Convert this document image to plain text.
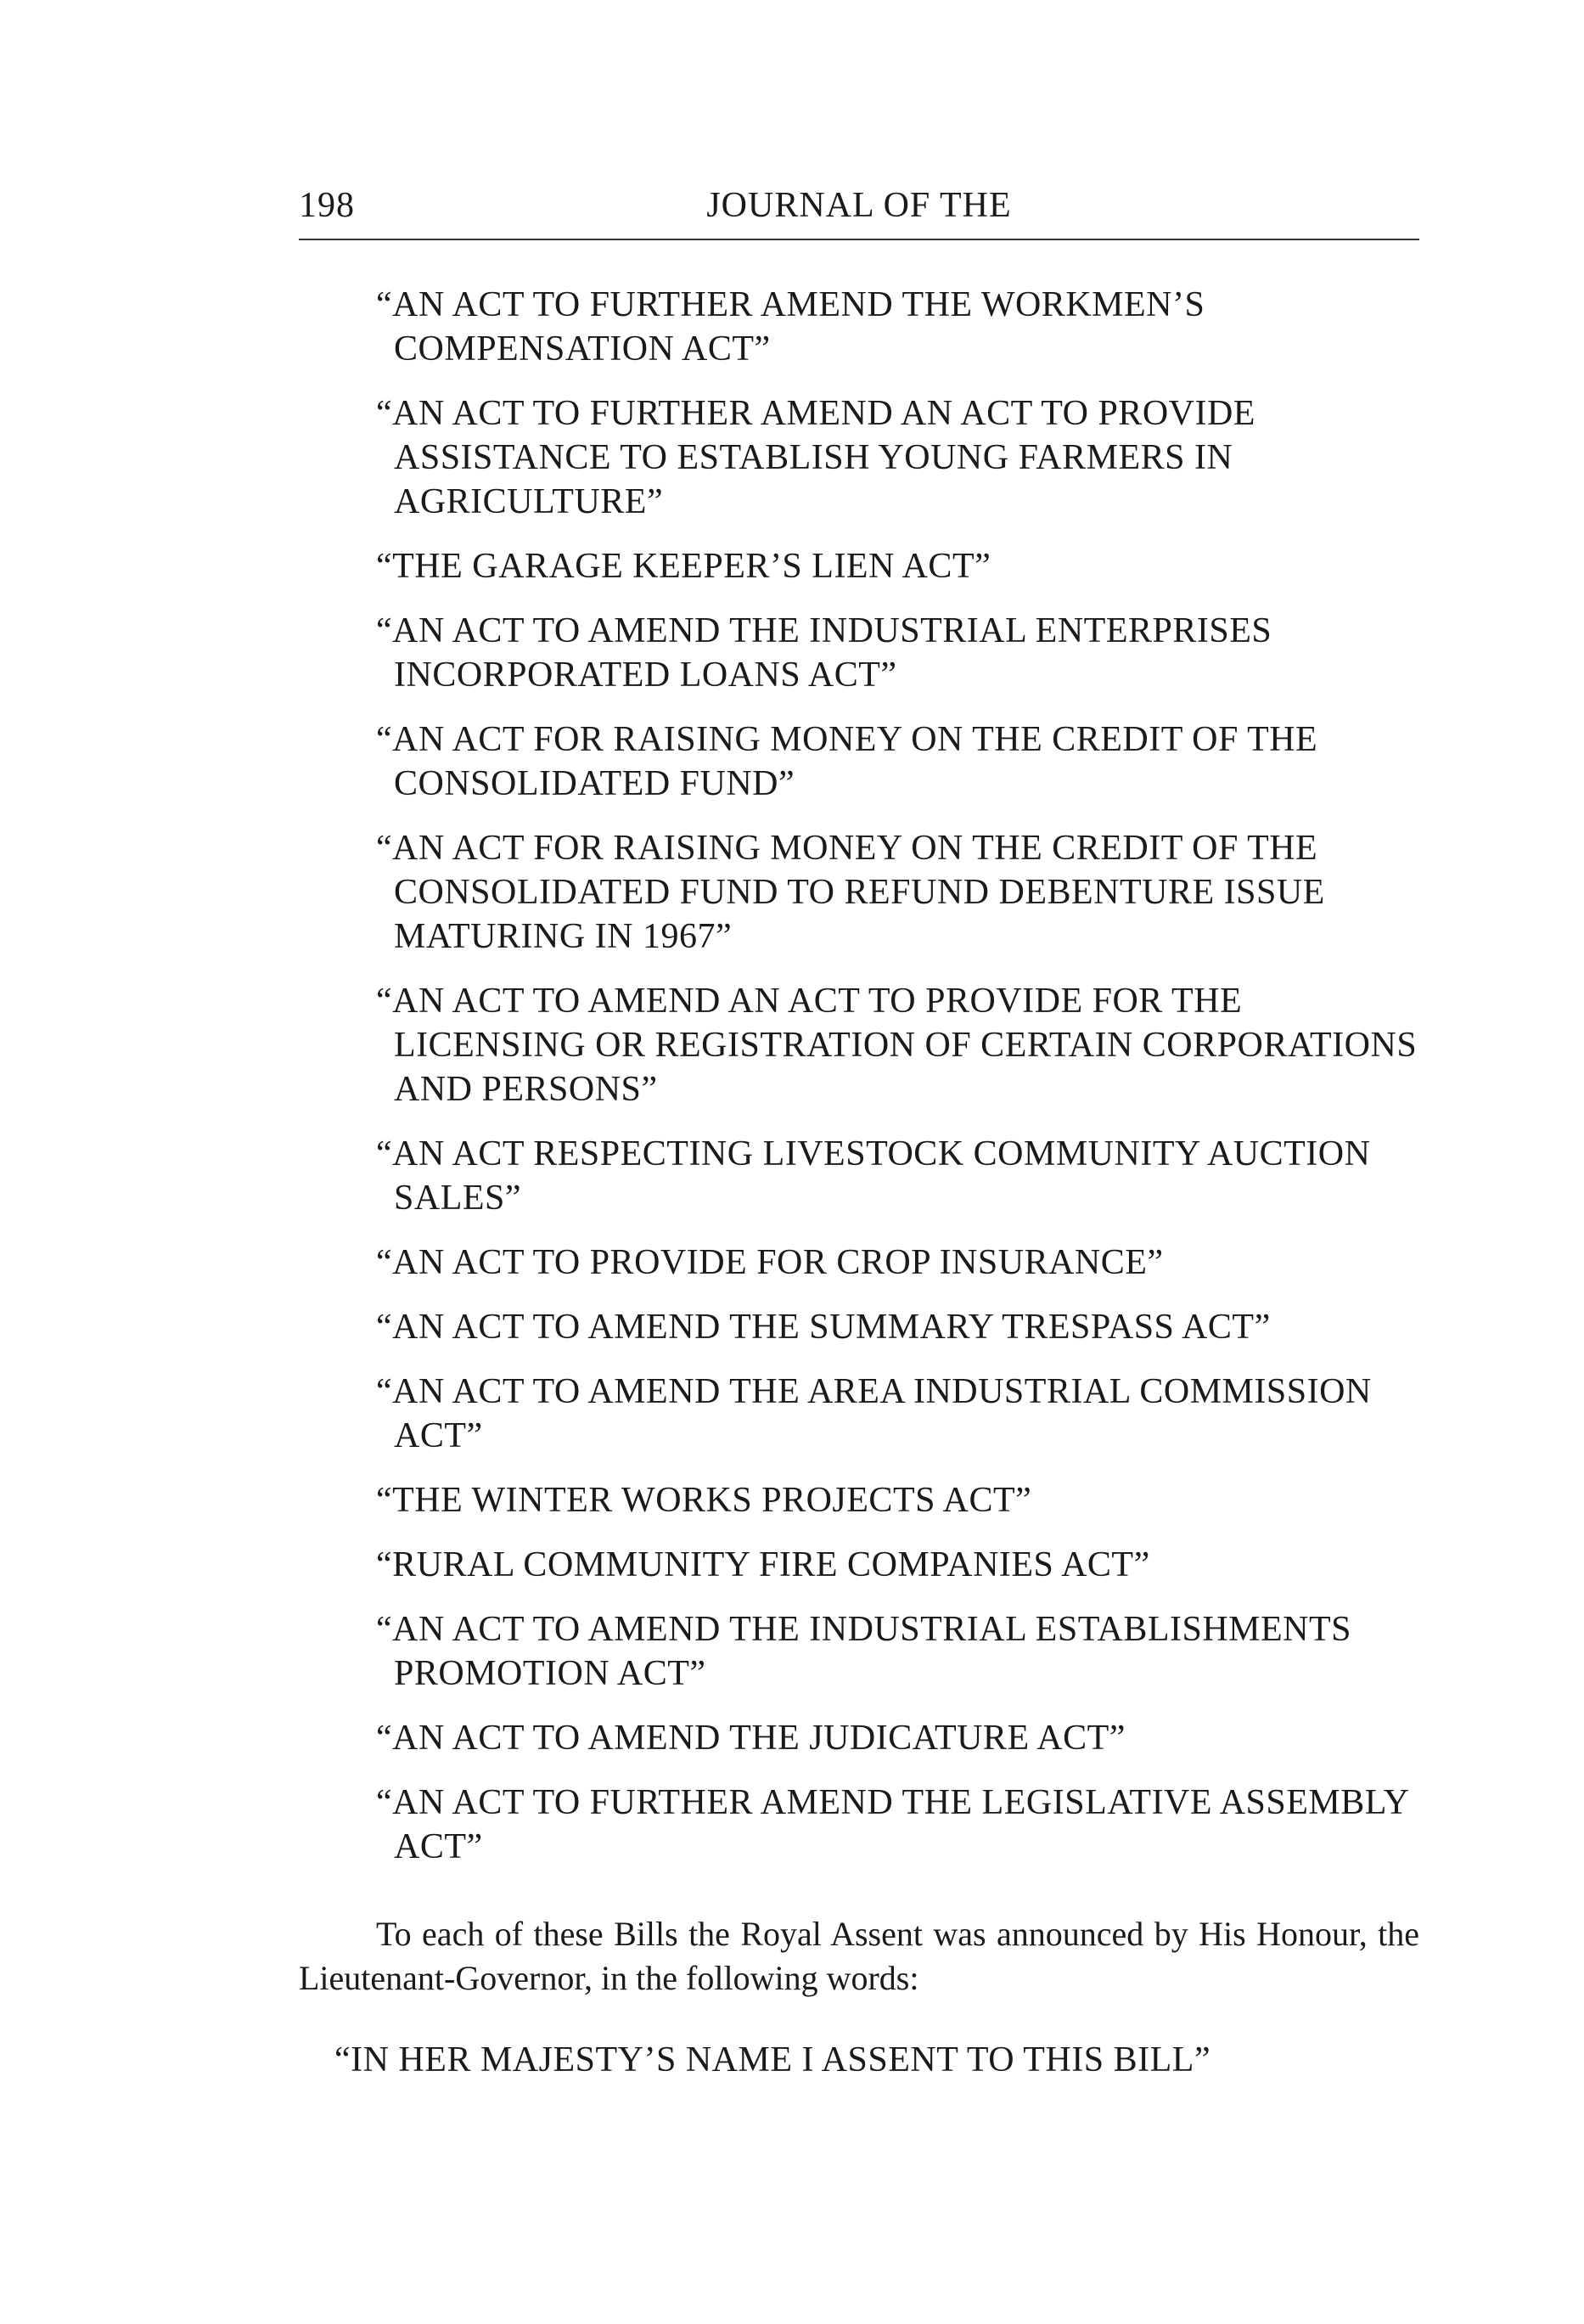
198	JOURNAL OF THE
“AN ACT TO FURTHER AMEND THE WORKMEN’S COMPENSATION ACT”
“AN ACT TO FURTHER AMEND AN ACT TO PROVIDE ASSISTANCE TO ESTABLISH YOUNG FARMERS IN AGRICULTURE”
“THE GARAGE KEEPER’S LIEN ACT”
“AN ACT TO AMEND THE INDUSTRIAL ENTERPRISES INCORPORATED LOANS ACT”
“AN ACT FOR RAISING MONEY ON THE CREDIT OF THE CONSOLIDATED FUND”
“AN ACT FOR RAISING MONEY ON THE CREDIT OF THE CONSOLIDATED FUND TO REFUND DEBENTURE ISSUE MATURING IN 1967”
“AN ACT TO AMEND AN ACT TO PROVIDE FOR THE LICENSING OR REGISTRATION OF CERTAIN CORPORATIONS AND PERSONS”
“AN ACT RESPECTING LIVESTOCK COMMUNITY AUCTION SALES”
“AN ACT TO PROVIDE FOR CROP INSURANCE”
“AN ACT TO AMEND THE SUMMARY TRESPASS ACT”
“AN ACT TO AMEND THE AREA INDUSTRIAL COMMISSION ACT”
“THE WINTER WORKS PROJECTS ACT”
“RURAL COMMUNITY FIRE COMPANIES ACT”
“AN ACT TO AMEND THE INDUSTRIAL ESTABLISHMENTS PROMOTION ACT”
“AN ACT TO AMEND THE JUDICATURE ACT”
“AN ACT TO FURTHER AMEND THE LEGISLATIVE ASSEMBLY ACT”

To each of these Bills the Royal Assent was announced by His Honour, the Lieutenant-Governor, in the following words:

“IN HER MAJESTY’S NAME I ASSENT TO THIS BILL”
